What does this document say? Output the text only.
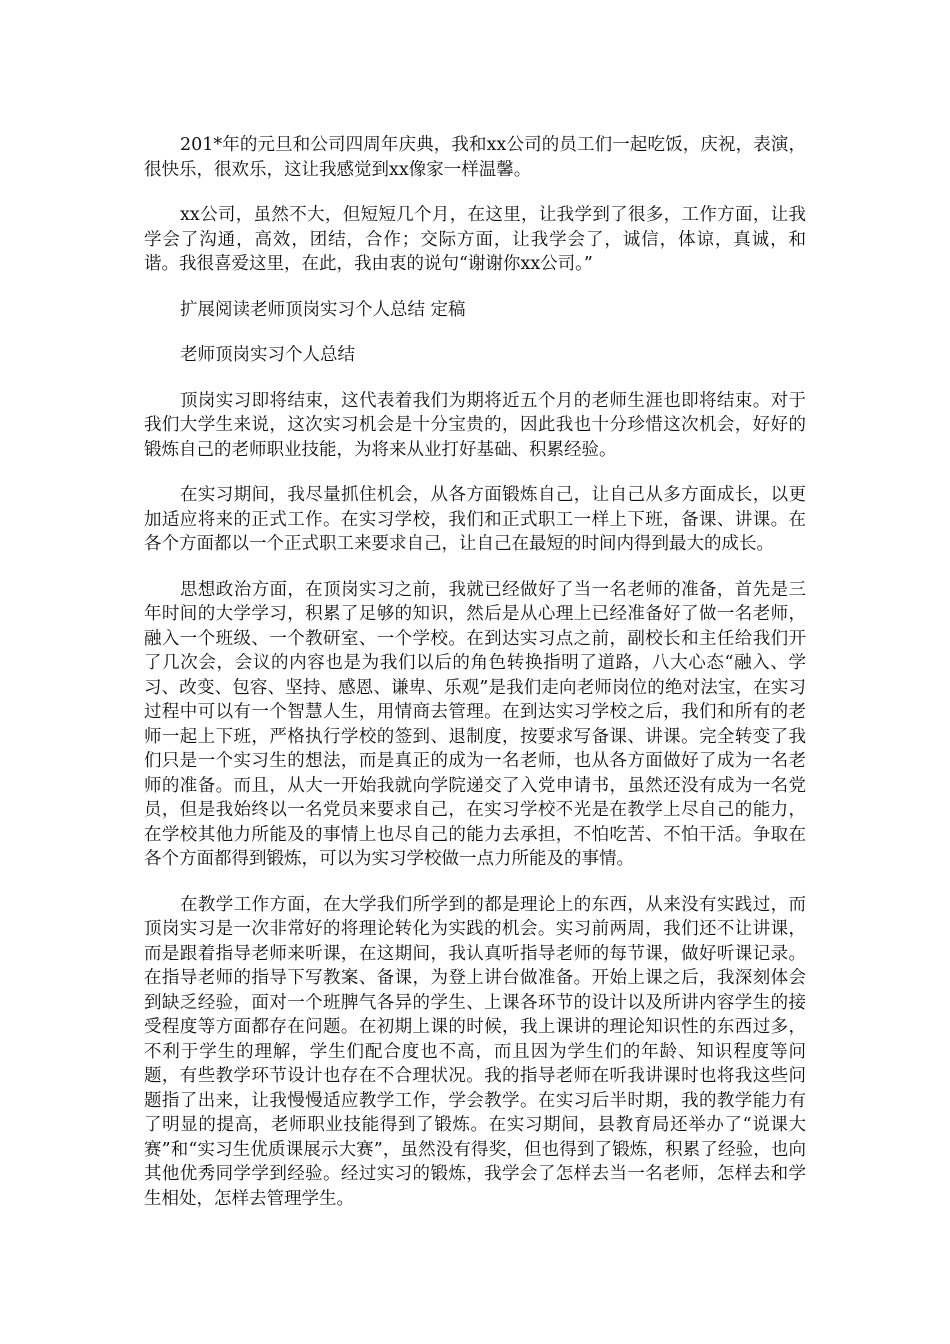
201*年的元旦和公司四周年庆典，我和xx公司的员工们一起吃饭，庆祝，表演，很快乐，很欢乐，这让我感觉到xx像家一样温馨。

xx公司，虽然不大，但短短几个月，在这里，让我学到了很多，工作方面，让我学会了沟通，高效，团结，合作；交际方面，让我学会了，诚信，体谅，真诚，和谐。我很喜爱这里，在此，我由衷的说句“谢谢你xx公司。”

扩展阅读老师顶岗实习个人总结 定稿

老师顶岗实习个人总结

顶岗实习即将结束，这代表着我们为期将近五个月的老师生涯也即将结束。对于我们大学生来说，这次实习机会是十分宝贵的，因此我也十分珍惜这次机会，好好的锻炼自己的老师职业技能，为将来从业打好基础、积累经验。

在实习期间，我尽量抓住机会，从各方面锻炼自己，让自己从多方面成长，以更加适应将来的正式工作。在实习学校，我们和正式职工一样上下班，备课、讲课。在各个方面都以一个正式职工来要求自己，让自己在最短的时间内得到最大的成长。

思想政治方面，在顶岗实习之前，我就已经做好了当一名老师的准备，首先是三年时间的大学学习，积累了足够的知识，然后是从心理上已经准备好了做一名老师，融入一个班级、一个教研室、一个学校。在到达实习点之前，副校长和主任给我们开了几次会，会议的内容也是为我们以后的角色转换指明了道路，八大心态“融入、学习、改变、包容、坚持、感恩、谦卑、乐观”是我们走向老师岗位的绝对法宝，在实习过程中可以有一个智慧人生，用情商去管理。在到达实习学校之后，我们和所有的老师一起上下班，严格执行学校的签到、退制度，按要求写备课、讲课。完全转变了我们只是一个实习生的想法，而是真正的成为一名老师，也从各方面做好了成为一名老师的准备。而且，从大一开始我就向学院递交了入党申请书，虽然还没有成为一名党员，但是我始终以一名党员来要求自己，在实习学校不光是在教学上尽自己的能力，在学校其他力所能及的事情上也尽自己的能力去承担，不怕吃苦、不怕干活。争取在各个方面都得到锻炼，可以为实习学校做一点力所能及的事情。

在教学工作方面，在大学我们所学到的都是理论上的东西，从来没有实践过，而顶岗实习是一次非常好的将理论转化为实践的机会。实习前两周，我们还不让讲课，而是跟着指导老师来听课，在这期间，我认真听指导老师的每节课，做好听课记录。在指导老师的指导下写教案、备课，为登上讲台做准备。开始上课之后，我深刻体会到缺乏经验，面对一个班脾气各异的学生、上课各环节的设计以及所讲内容学生的接受程度等方面都存在问题。在初期上课的时候，我上课讲的理论知识性的东西过多，不利于学生的理解，学生们配合度也不高，而且因为学生们的年龄、知识程度等问题，有些教学环节设计也存在不合理状况。我的指导老师在听我讲课时也将我这些问题指了出来，让我慢慢适应教学工作，学会教学。在实习后半时期，我的教学能力有了明显的提高，老师职业技能得到了锻炼。在实习期间，县教育局还举办了“说课大赛”和“实习生优质课展示大赛”，虽然没有得奖，但也得到了锻炼，积累了经验，也向其他优秀同学学到经验。经过实习的锻炼，我学会了怎样去当一名老师，怎样去和学生相处，怎样去管理学生。
